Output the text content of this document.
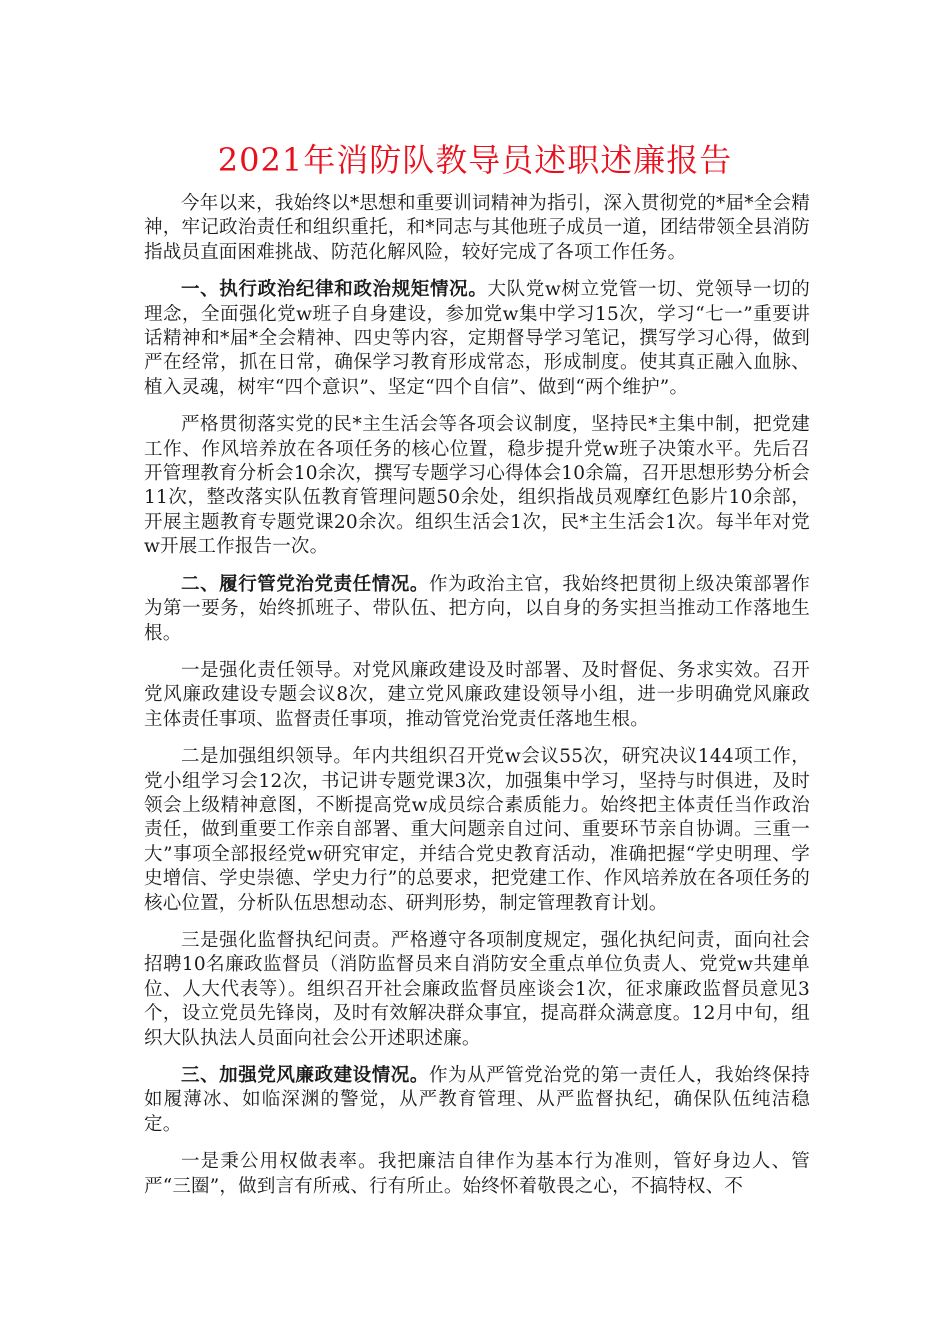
2021年消防队教导员述职述廉报告

今年以来，我始终以*思想和重要训词精神为指引，深入贯彻党的*届*全会精神，牢记政治责任和组织重托，和*同志与其他班子成员一道，团结带领全县消防指战员直面困难挑战、防范化解风险，较好完成了各项工作任务。

一、执行政治纪律和政治规矩情况。大队党w树立党管一切、党领导一切的理念，全面强化党w班子自身建设，参加党w集中学习15次，学习“七一”重要讲话精神和*届*全会精神、四史等内容，定期督导学习笔记，撰写学习心得，做到严在经常，抓在日常，确保学习教育形成常态，形成制度。使其真正融入血脉、植入灵魂，树牢“四个意识”、坚定“四个自信”、做到“两个维护”。

严格贯彻落实党的民*主生活会等各项会议制度，坚持民*主集中制，把党建工作、作风培养放在各项任务的核心位置，稳步提升党w班子决策水平。先后召开管理教育分析会10余次，撰写专题学习心得体会10余篇，召开思想形势分析会11次，整改落实队伍教育管理问题50余处，组织指战员观摩红色影片10余部，开展主题教育专题党课20余次。组织生活会1次，民*主生活会1次。每半年对党w开展工作报告一次。

二、履行管党治党责任情况。作为政治主官，我始终把贯彻上级决策部署作为第一要务，始终抓班子、带队伍、把方向，以自身的务实担当推动工作落地生根。

一是强化责任领导。对党风廉政建设及时部署、及时督促、务求实效。召开党风廉政建设专题会议8次，建立党风廉政建设领导小组，进一步明确党风廉政主体责任事项、监督责任事项，推动管党治党责任落地生根。

二是加强组织领导。年内共组织召开党w会议55次，研究决议144项工作，党小组学习会12次，书记讲专题党课3次，加强集中学习，坚持与时俱进，及时领会上级精神意图，不断提高党w成员综合素质能力。始终把主体责任当作政治责任，做到重要工作亲自部署、重大问题亲自过问、重要环节亲自协调。三重一大”事项全部报经党w研究审定，并结合党史教育活动，准确把握“学史明理、学史增信、学史崇德、学史力行”的总要求，把党建工作、作风培养放在各项任务的核心位置，分析队伍思想动态、研判形势，制定管理教育计划。

三是强化监督执纪问责。严格遵守各项制度规定，强化执纪问责，面向社会招聘10名廉政监督员（消防监督员来自消防安全重点单位负责人、党党w共建单位、人大代表等）。组织召开社会廉政监督员座谈会1次，征求廉政监督员意见3个，设立党员先锋岗，及时有效解决群众事宜，提高群众满意度。12月中旬，组织大队执法人员面向社会公开述职述廉。

三、加强党风廉政建设情况。作为从严管党治党的第一责任人，我始终保持如履薄冰、如临深渊的警觉，从严教育管理、从严监督执纪，确保队伍纯洁稳定。

一是秉公用权做表率。我把廉洁自律作为基本行为准则，管好身边人、管严“三圈”，做到言有所戒、行有所止。始终怀着敬畏之心，不搞特权、不
